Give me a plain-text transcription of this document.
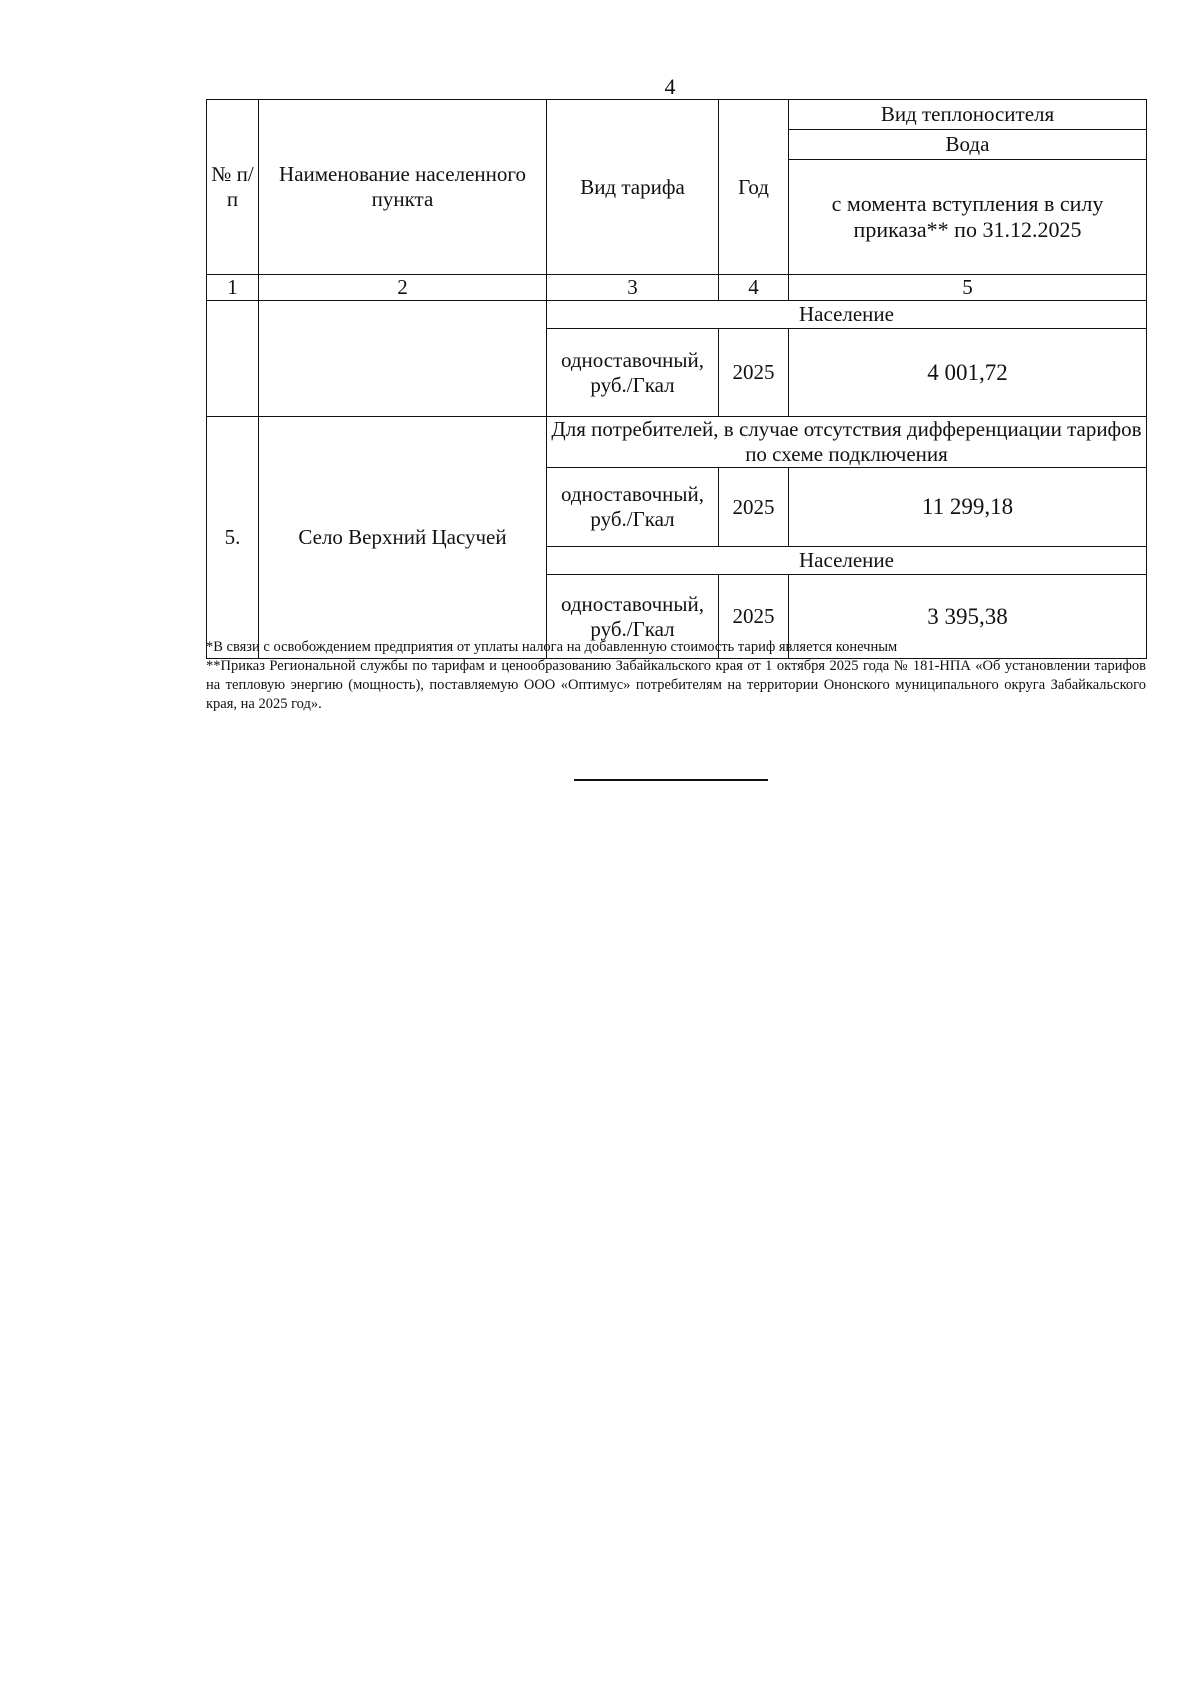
4
№ п/п	Наименование населенного пункта	Вид тарифа	Год	Вид теплоносителя
				Вода
				с момента вступления в силу приказа** по 31.12.2025
1	2	3	4	5
		Население		
		одноставочный, руб./Гкал	2025	4 001,72
5.	Село Верхний Цасучей	Для потребителей, в случае отсутствия дифференциации тарифов по схеме подключения		
		одноставочный, руб./Гкал	2025	11 299,18
		Население		
		одноставочный, руб./Гкал	2025	3 395,38

*В связи с освобождением предприятия от уплаты налога на добавленную стоимость тариф является конечным

**Приказ Региональной службы по тарифам и ценообразованию Забайкальского края от 1 октября 2025 года № 181-НПА «Об установлении тарифов на тепловую энергию (мощность), поставляемую ООО «Оптимус» потребителям на территории Ононского муниципального округа Забайкальского края, на 2025 год».
